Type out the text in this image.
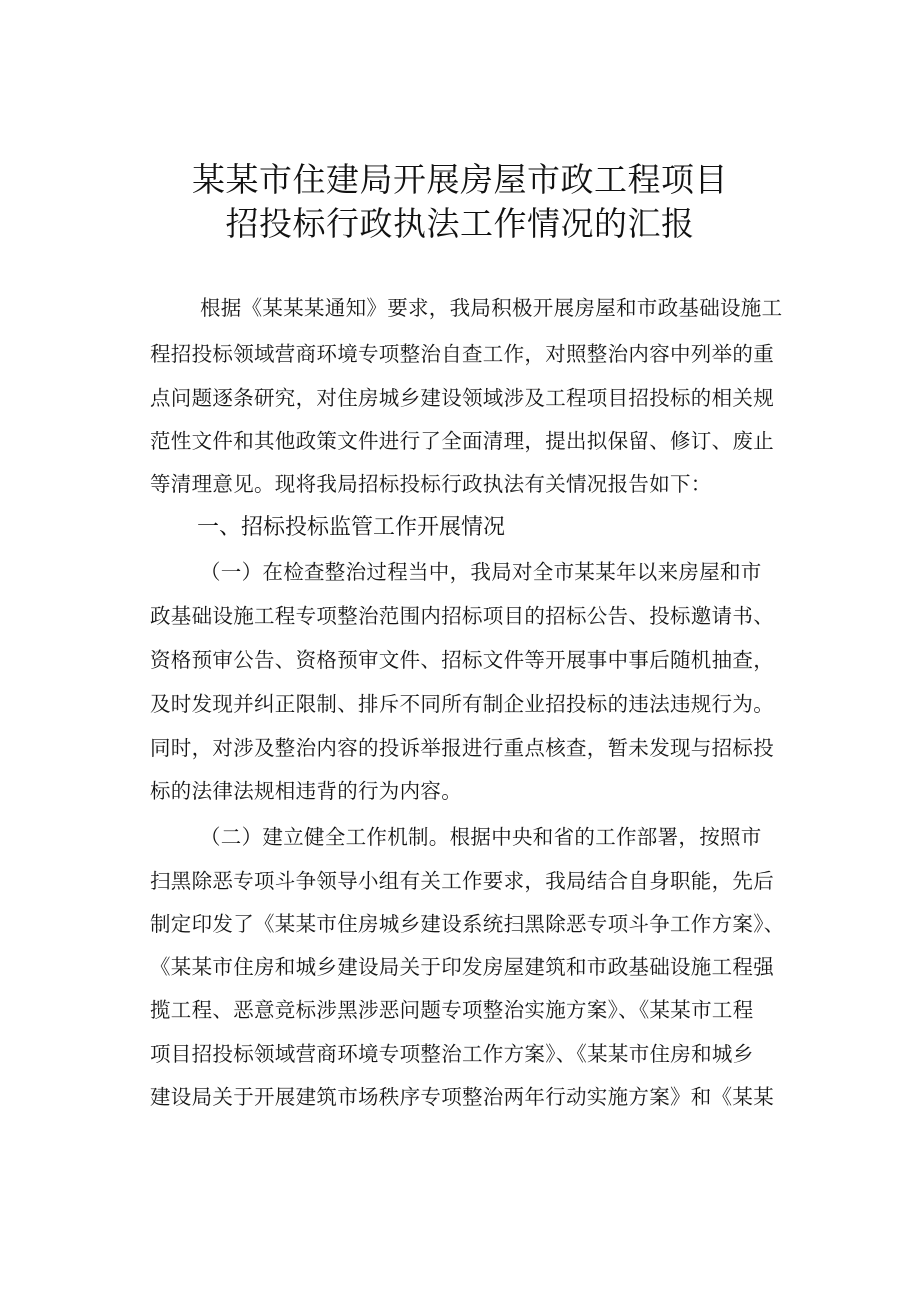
某某市住建局开展房屋市政工程项目
招投标行政执法工作情况的汇报
根据《某某某通知》要求，我局积极开展房屋和市政基础设施工
程招投标领域营商环境专项整治自查工作，对照整治内容中列举的重
点问题逐条研究，对住房城乡建设领域涉及工程项目招投标的相关规
范性文件和其他政策文件进行了全面清理，提出拟保留、修订、废止
等清理意见。现将我局招标投标行政执法有关情况报告如下：
一、招标投标监管工作开展情况
（一）在检查整治过程当中，我局对全市某某年以来房屋和市
政基础设施工程专项整治范围内招标项目的招标公告、投标邀请书、
资格预审公告、资格预审文件、招标文件等开展事中事后随机抽查，
及时发现并纠正限制、排斥不同所有制企业招投标的违法违规行为。
同时，对涉及整治内容的投诉举报进行重点核查，暂未发现与招标投
标的法律法规相违背的行为内容。
（二）建立健全工作机制。根据中央和省的工作部署，按照市
扫黑除恶专项斗争领导小组有关工作要求，我局结合自身职能，先后
制定印发了《某某市住房城乡建设系统扫黑除恶专项斗争工作方案》、
《某某市住房和城乡建设局关于印发房屋建筑和市政基础设施工程强
揽工程、恶意竞标涉黑涉恶问题专项整治实施方案》、《某某市工程
项目招投标领域营商环境专项整治工作方案》、《某某市住房和城乡
建设局关于开展建筑市场秩序专项整治两年行动实施方案》和《某某
